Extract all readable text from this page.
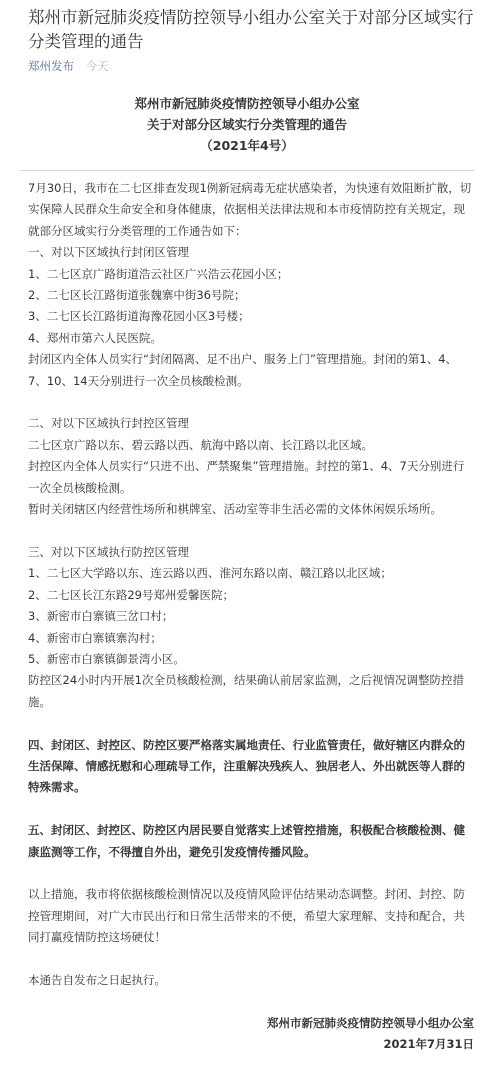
郑州市新冠肺炎疫情防控领导小组办公室关于对部分区域实行分类管理的通告
郑州发布 今天
郑州市新冠肺炎疫情防控领导小组办公室
关于对部分区域实行分类管理的通告
（2021年4号）

7月30日，我市在二七区排查发现1例新冠病毒无症状感染者，为快速有效阻断扩散，切实保障人民群众生命安全和身体健康，依据相关法律法规和本市疫情防控有关规定，现就部分区域实行分类管理的工作通告如下：

一、对以下区域执行封闭区管理

1、二七区京广路街道浩云社区广兴浩云花园小区；

2、二七区长江路街道张魏寨中街36号院；

3、二七区长江路街道海豫花园小区3号楼；

4、郑州市第六人民医院。

封闭区内全体人员实行“封闭隔离、足不出户、服务上门”管理措施。封闭的第1、4、7、10、14天分别进行一次全员核酸检测。

二、对以下区域执行封控区管理

二七区京广路以东、碧云路以西、航海中路以南、长江路以北区域。

封控区内全体人员实行“只进不出、严禁聚集”管理措施。封控的第1、4、7天分别进行一次全员核酸检测。

暂时关闭辖区内经营性场所和棋牌室、活动室等非生活必需的文体休闲娱乐场所。

三、对以下区域执行防控区管理

1、二七区大学路以东、连云路以西、淮河东路以南、赣江路以北区域；

2、二七区长江东路29号郑州爱馨医院；

3、新密市白寨镇三岔口村；

4、新密市白寨镇寨沟村；

5、新密市白寨镇御景湾小区。

防控区24小时内开展1次全员核酸检测，结果确认前居家监测，之后视情况调整防控措施。

四、封闭区、封控区、防控区要严格落实属地责任、行业监管责任，做好辖区内群众的生活保障、情感抚慰和心理疏导工作，注重解决残疾人、独居老人、外出就医等人群的特殊需求。

五、封闭区、封控区、防控区内居民要自觉落实上述管控措施，积极配合核酸检测、健康监测等工作，不得擅自外出，避免引发疫情传播风险。

以上措施，我市将依据核酸检测情况以及疫情风险评估结果动态调整。封闭、封控、防控管理期间，对广大市民出行和日常生活带来的不便，希望大家理解、支持和配合，共同打赢疫情防控这场硬仗！

本通告自发布之日起执行。

郑州市新冠肺炎疫情防控领导小组办公室

2021年7月31日
